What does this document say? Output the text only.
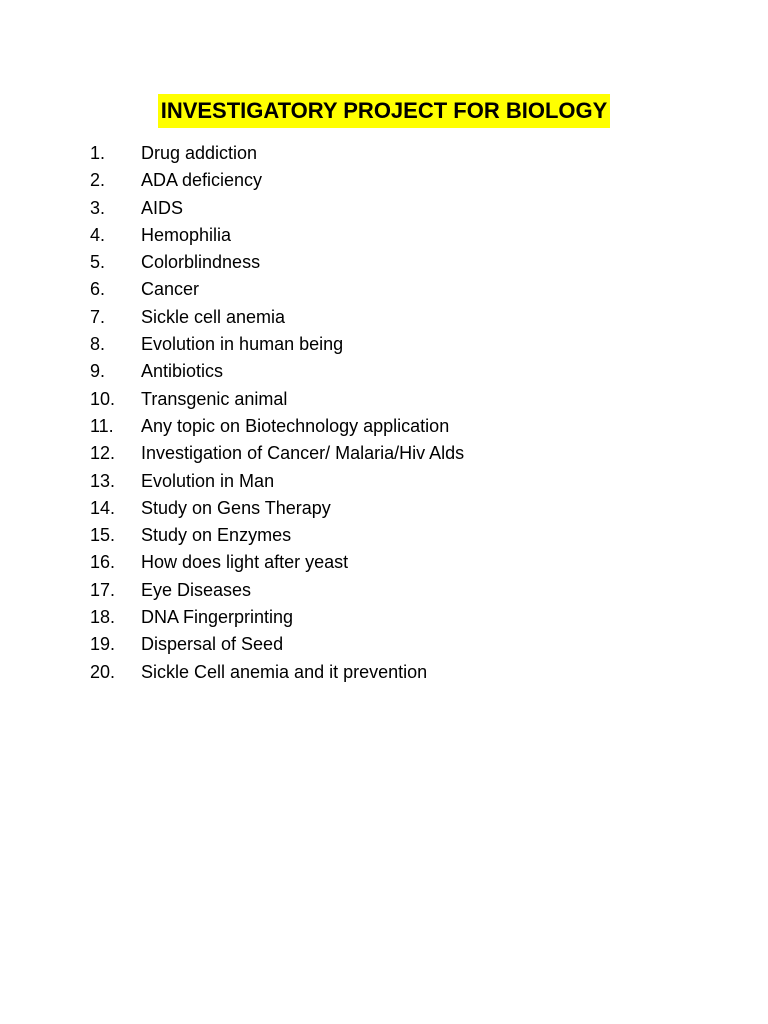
INVESTIGATORY PROJECT FOR BIOLOGY
1. Drug addiction
2. ADA deficiency
3. AIDS
4. Hemophilia
5. Colorblindness
6. Cancer
7. Sickle cell anemia
8. Evolution in human being
9. Antibiotics
10. Transgenic animal
11. Any topic on Biotechnology application
12. Investigation of Cancer/ Malaria/Hiv Alds
13. Evolution in Man
14. Study on Gens Therapy
15. Study on Enzymes
16. How does light after yeast
17. Eye Diseases
18. DNA Fingerprinting
19. Dispersal of Seed
20. Sickle Cell anemia and it prevention
